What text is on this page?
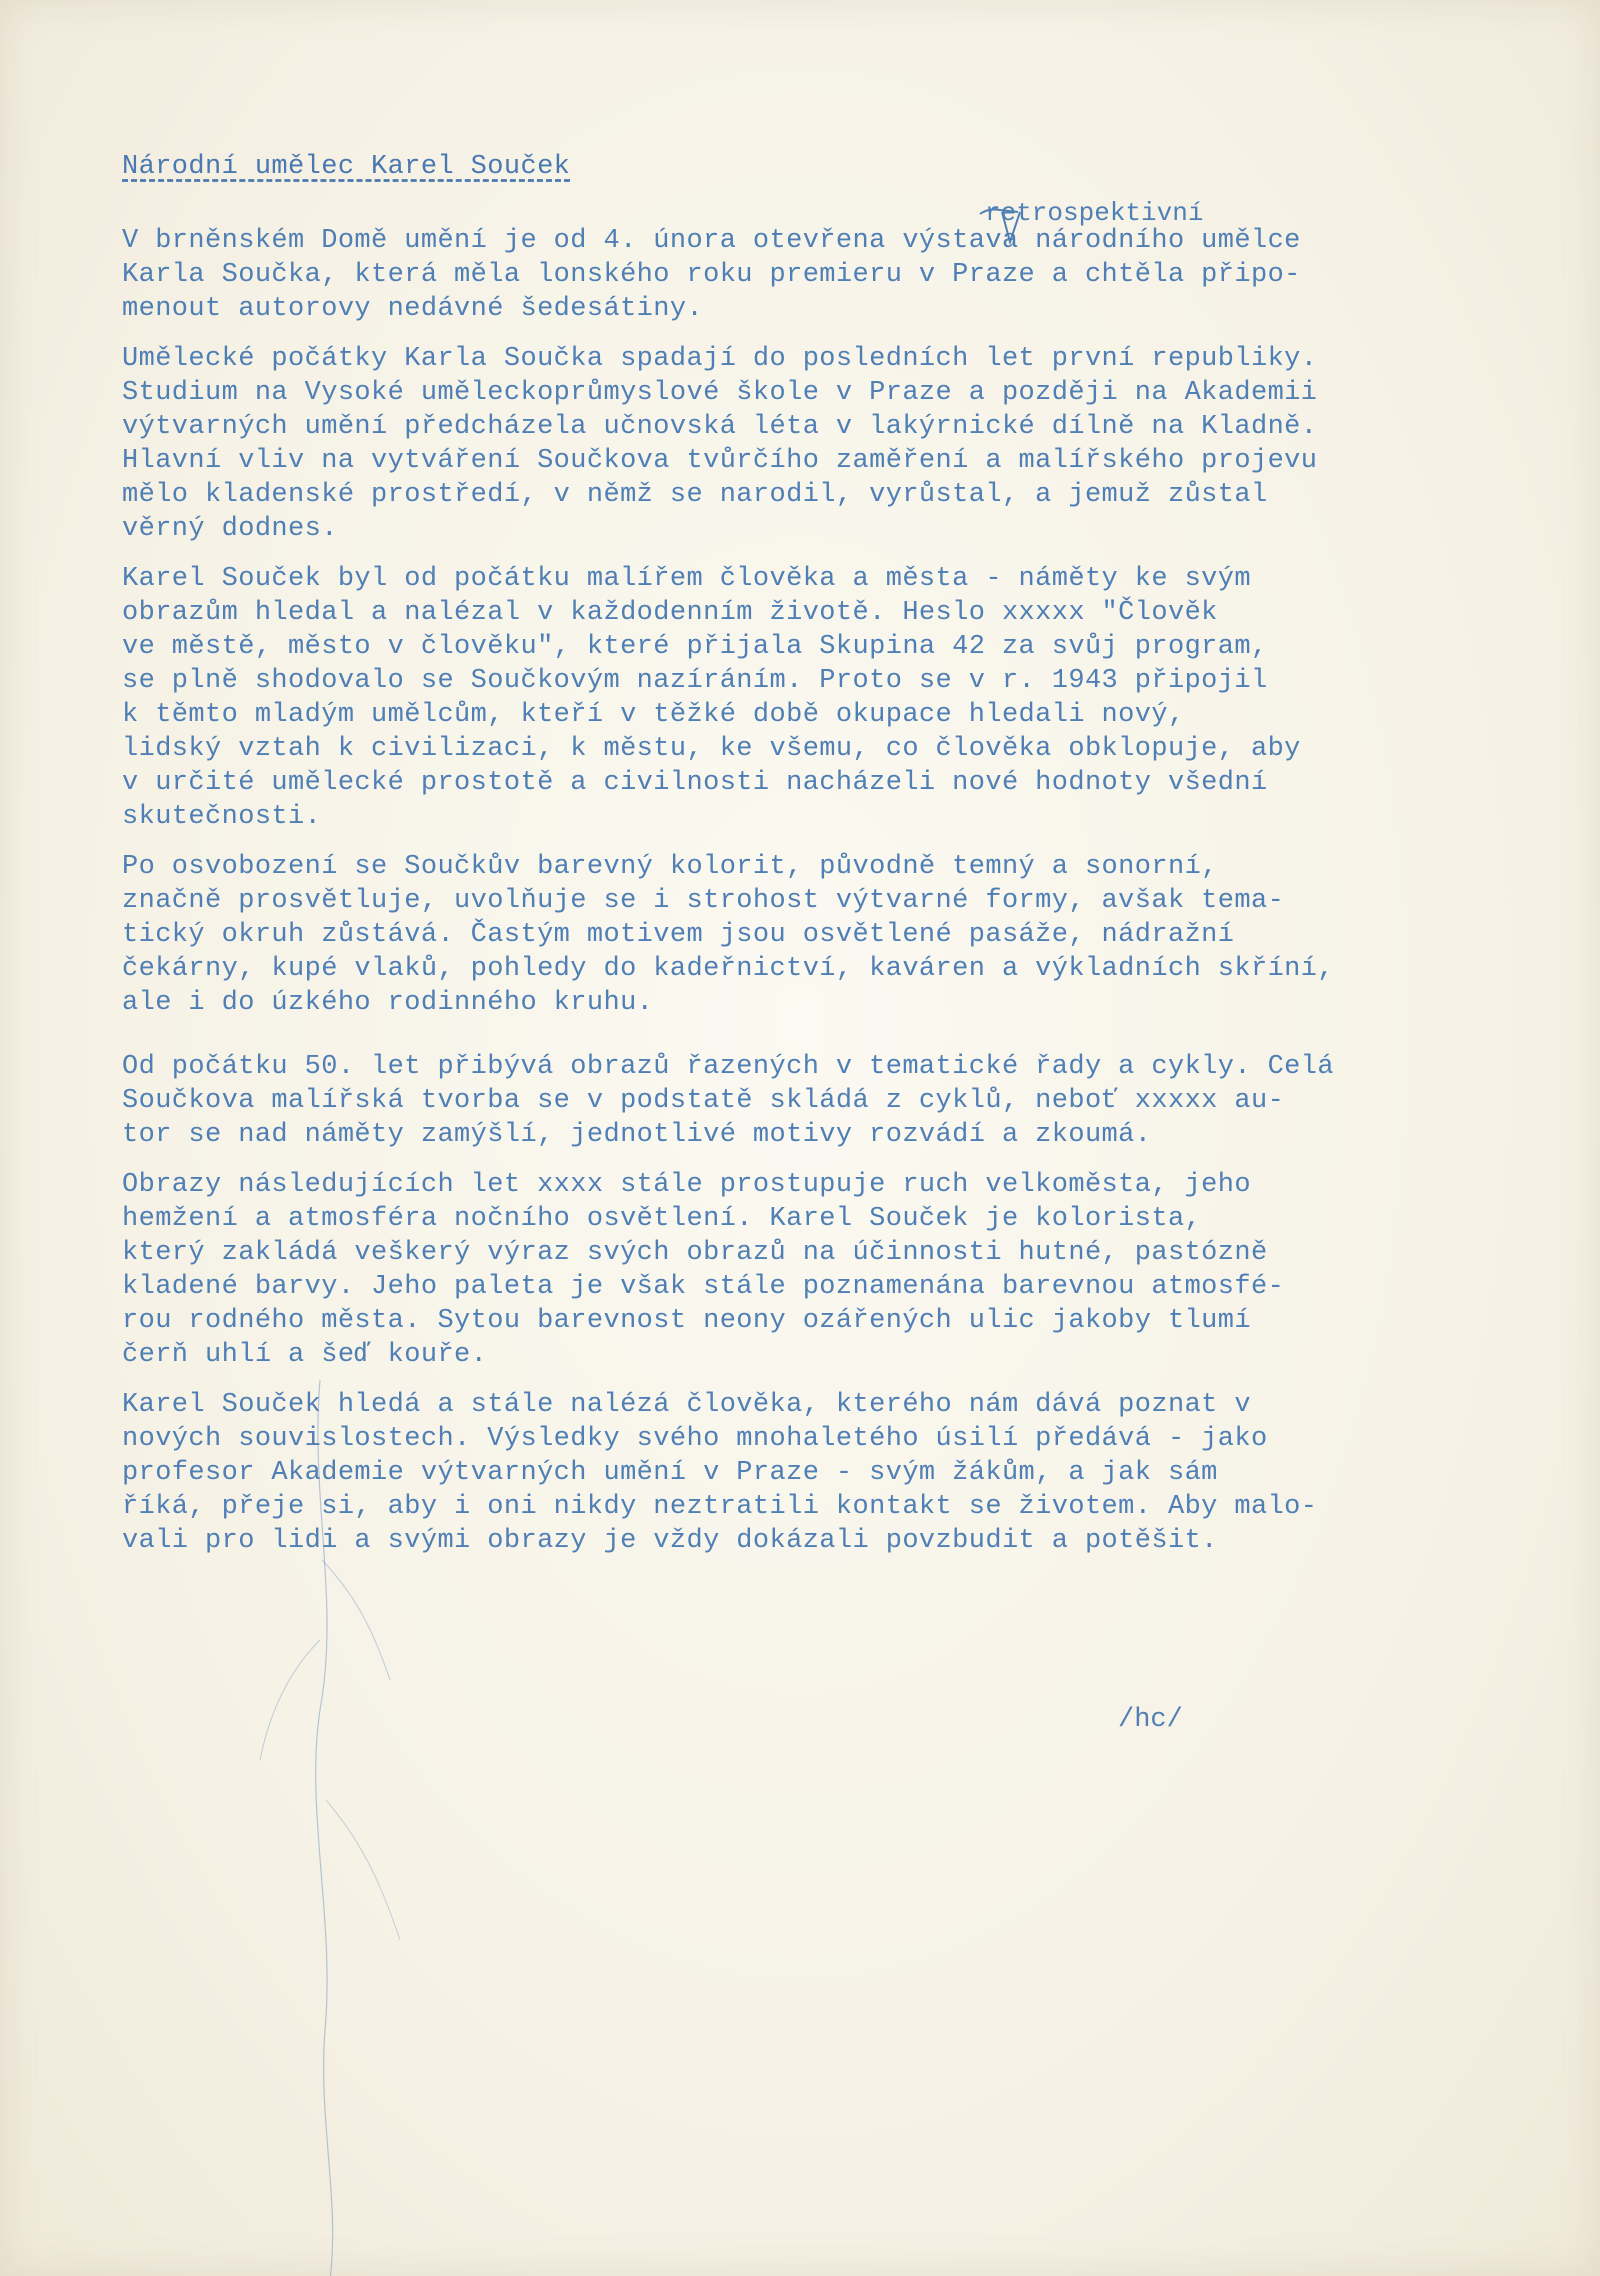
retrospektivní
Národní umělec Karel Souček
V brněnském Domě umění je od 4. února otevřena výstava národního umělce
Karla Součka, která měla lonského roku premieru v Praze a chtěla připo-
menout autorovy nedávné šedesátiny.
Umělecké počátky Karla Součka spadají do posledních let první republiky.
Studium na Vysoké uměleckoprůmyslové škole v Praze a později na Akademii
výtvarných umění předcházela učnovská léta v lakýrnické dílně na Kladně.
Hlavní vliv na vytváření Součkova tvůrčího zaměření a malířského projevu
mělo kladenské prostředí, v němž se narodil, vyrůstal, a jemuž zůstal
věrný dodnes.
Karel Souček byl od počátku malířem člověka a města - náměty ke svým
obrazům hledal a nalézal v každodenním životě. Heslo xxxxx "Člověk
ve městě, město v člověku", které přijala Skupina 42 za svůj program,
se plně shodovalo se Součkovým nazíráním. Proto se v r. 1943 připojil
k těmto mladým umělcům, kteří v těžké době okupace hledali nový,
lidský vztah k civilizaci, k městu, ke všemu, co člověka obklopuje, aby
v určité umělecké prostotě a civilnosti nacházeli nové hodnoty všední
skutečnosti.
Po osvobození se Součkův barevný kolorit, původně temný a sonorní,
značně prosvětluje, uvolňuje se i strohost výtvarné formy, avšak tema-
tický okruh zůstává. Častým motivem jsou osvětlené pasáže, nádražní
čekárny, kupé vlaků, pohledy do kadeřnictví, kaváren a výkladních skříní,
ale i do úzkého rodinného kruhu.
Od počátku 50. let přibývá obrazů řazených v tematické řady a cykly. Celá
Součkova malířská tvorba se v podstatě skládá z cyklů, neboť xxxxx au-
tor se nad náměty zamýšlí, jednotlivé motivy rozvádí a zkoumá.
Obrazy následujících let xxxx stále prostupuje ruch velkoměsta, jeho
hemžení a atmosféra nočního osvětlení. Karel Souček je kolorista,
který zakládá veškerý výraz svých obrazů na účinnosti hutné, pastózně
kladené barvy. Jeho paleta je však stále poznamenána barevnou atmosfé-
rou rodného města. Sytou barevnost neony ozářených ulic jakoby tlumí
čerň uhlí a šeď kouře.
Karel Souček hledá a stále nalézá člověka, kterého nám dává poznat v
nových souvislostech. Výsledky svého mnohaletého úsilí předává - jako
profesor Akademie výtvarných umění v Praze - svým žákům, a jak sám
říká, přeje si, aby i oni nikdy neztratili kontakt se životem. Aby malo-
vali pro lidi a svými obrazy je vždy dokázali povzbudit a potěšit.
/hc/
